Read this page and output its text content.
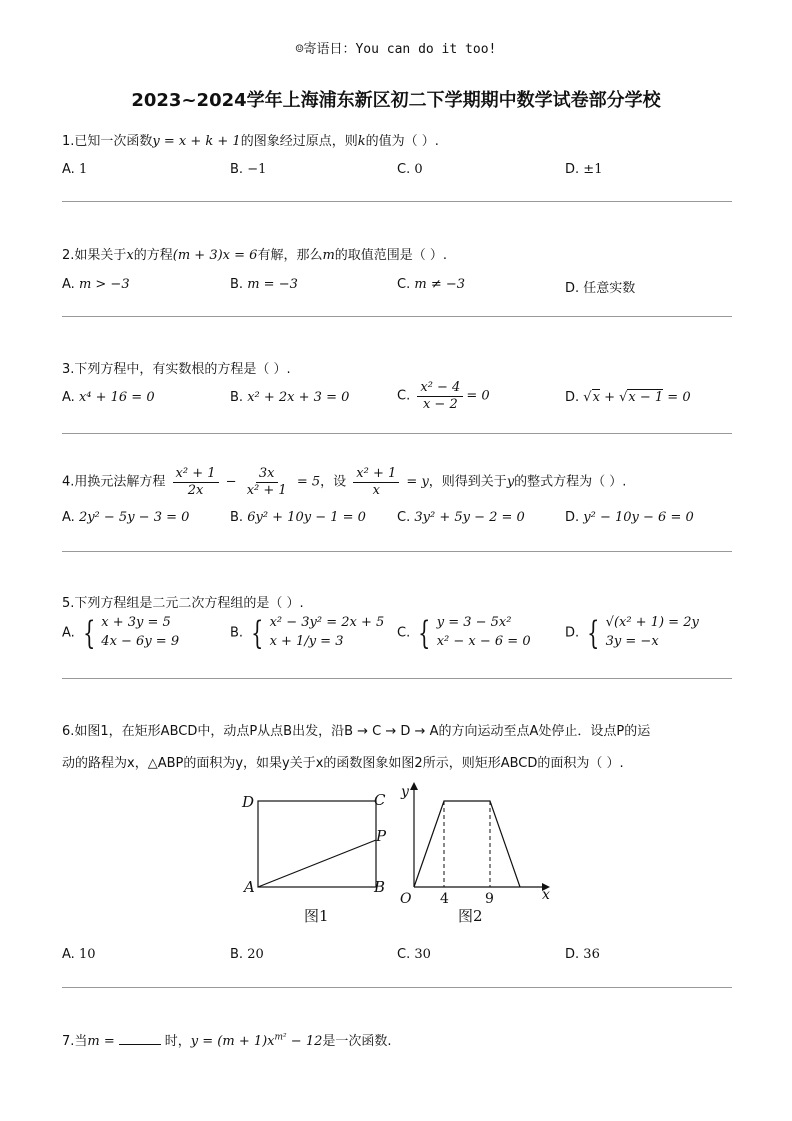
☺寄语日：You can do it too!
2023~2024学年上海浦东新区初二下学期期中数学试卷部分学校
1.已知一次函数y = x + k + 1的图象经过原点，则k的值为（ ）.
A. 1	B. −1	C. 0	D. ±1
2.如果关于x的方程(m + 3)x = 6有解，那么m的取值范围是（ ）.
A. m > −3	B. m = −3	C. m ≠ −3	D. 任意实数
3.下列方程中，有实数根的方程是（ ）.
A. x⁴ + 16 = 0	B. x² + 2x + 3 = 0	C. $\frac{\text{x² − 4}}{x - 2} = 0$	D. √x + √x − 1 = 0
4.用换元法解方程 $\frac{\text{x² + 1}}{2x} - \frac{3x}{\text{x² + 1}} = 5$，设 $\frac{\text{x² + 1}}{x} = y$，则得到关于y的整式方程为（ ）.
A. 2y² − 5y − 3 = 0	B. 6y² + 10y − 1 = 0 C. 3y² + 5y − 2 = 0	D. y² − 10y − 6 = 0
5.下列方程组是二元二次方程组的是（ ）.
A. { x + 3y = 5
4x − 6y = 9
B. { x² − 3y² = 2x + 5
x + 1/y = 3
C. { y = 3 − 5x²
x² − x − 6 = 0
D. { √(x² + 1) = 2y
3y = −x
6.如图1，在矩形ABCD中，动点P从点B出发，沿B → C → D → A的方向运动至点A处停止．设点P的运
动的路程为x，△ABP的面积为y，如果y关于x的函数图象如图2所示，则矩形ABCD的面积为（ ）.
D	C
P
A	B
图1
y
x
O 4	9
图2
A. 10	B. 20	C. 30	D. 36
7.当m =	时，$y = (m + 1)x^{m^2} - 12$是一次函数.
